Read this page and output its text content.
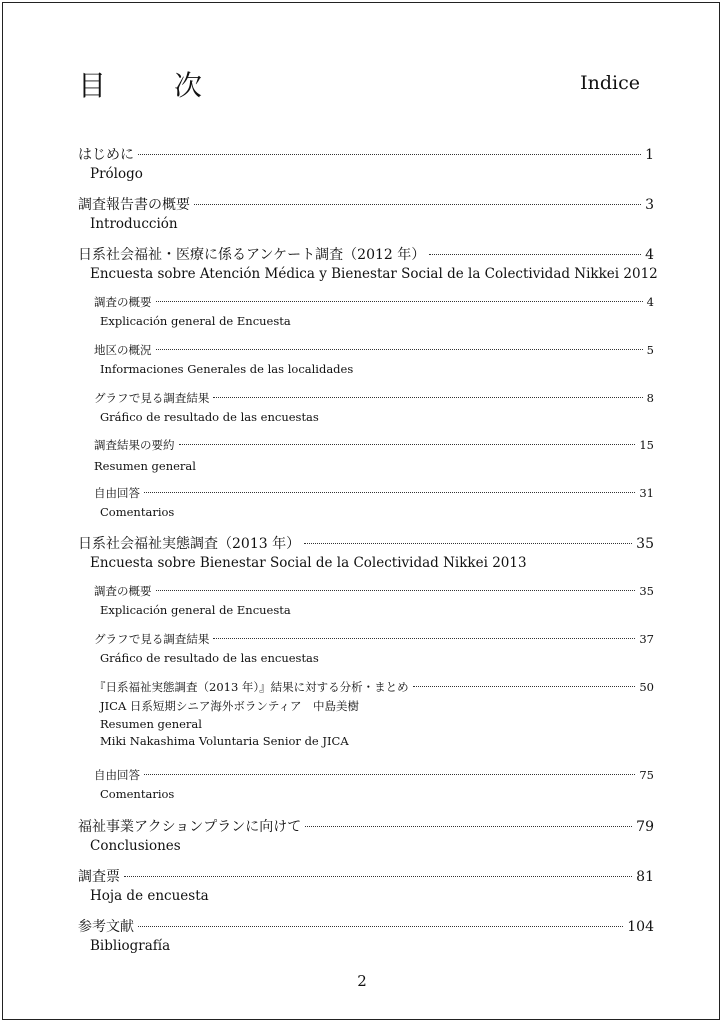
目　次	Indice
はじめに	1
Prólogo
調査報告書の概要	3
Introducción
日系社会福祉・医療に係るアンケート調査（2012 年）	4
Encuesta sobre Atención Médica y Bienestar Social de la Colectividad Nikkei 2012
調査の概要	4
Explicación general de Encuesta
地区の概況	5
Informaciones Generales de las localidades
グラフで見る調査結果	8
Gráfico de resultado de las encuestas
調査結果の要約	15
Resumen general
自由回答	31
Comentarios
日系社会福祉実態調査（2013 年）	35
Encuesta sobre Bienestar Social de la Colectividad Nikkei 2013
調査の概要	35
Explicación general de Encuesta
グラフで見る調査結果	37
Gráfico de resultado de las encuestas
『日系福祉実態調査（2013 年）』結果に対する分析・まとめ	50
JICA 日系短期シニア海外ボランティア　中島美樹
Resumen general
Miki Nakashima Voluntaria Senior de JICA
自由回答	75
Comentarios
福祉事業アクションプランに向けて	79
Conclusiones
調査票	81
Hoja de encuesta
参考文献	104
Bibliografía
2
